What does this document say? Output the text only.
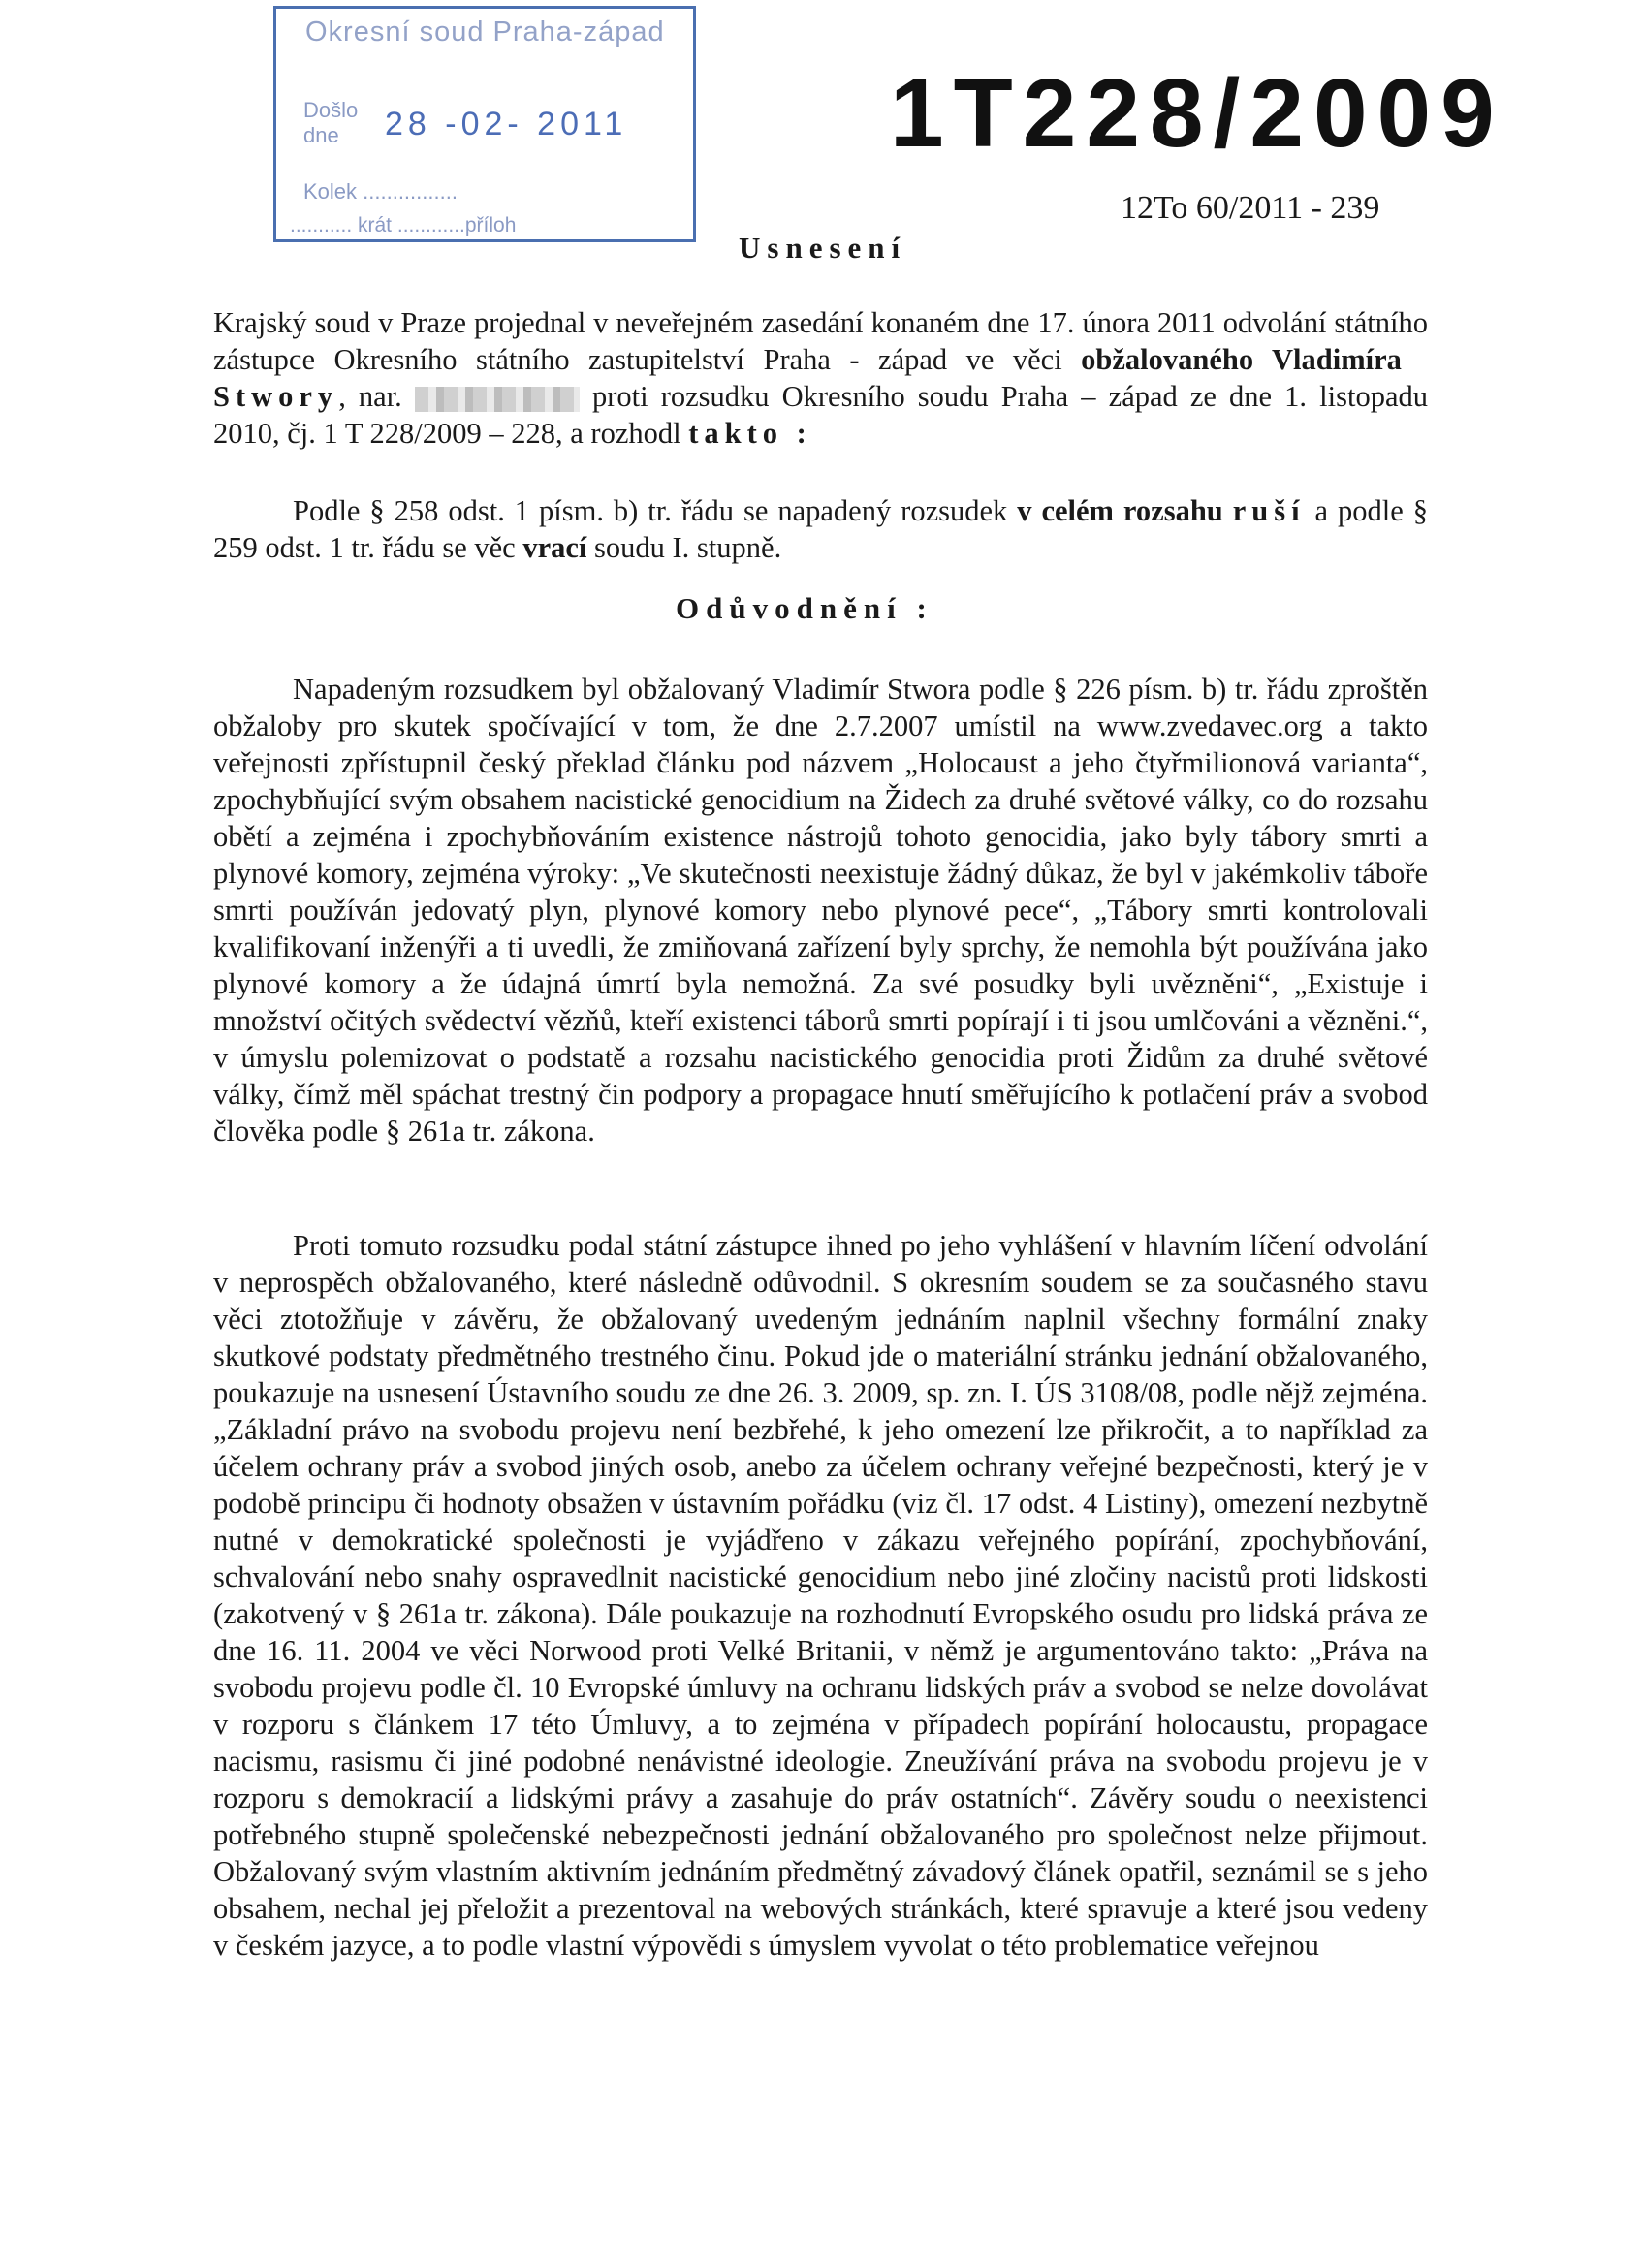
Okresní soud Praha-západ
Došlo
dne 28 -02- 2011
Kolek ................
........... krát ............příloh
1T228/2009
12To 60/2011 - 239
Usnesení

Krajský soud v Praze projednal v neveřejném zasedání konaném dne 17. února 2011 odvolání státního zástupce Okresního státního zastupitelství Praha - západ ve věci obžalovaného Vladimíra   Stwory, nar.	proti rozsudku Okresního soudu Praha – západ ze dne 1. listopadu 2010, čj. 1 T 228/2009 – 228, a rozhodl takto :

Podle § 258 odst. 1 písm. b) tr. řádu se napadený rozsudek v celém rozsahu ruší a podle § 259 odst. 1 tr. řádu se věc vrací soudu I. stupně.

Odůvodnění :

Napadeným rozsudkem byl obžalovaný Vladimír Stwora podle § 226 písm. b) tr. řádu zproštěn obžaloby pro skutek spočívající v tom, že dne 2.7.2007 umístil na www.zvedavec.org a takto veřejnosti zpřístupnil český překlad článku pod názvem „Holocaust a jeho čtyřmilionová varianta“, zpochybňující svým obsahem nacistické genocidium na Židech za druhé světové války, co do rozsahu obětí a zejména i zpochybňováním existence nástrojů tohoto genocidia, jako byly tábory smrti a plynové komory, zejména výroky: „Ve skutečnosti neexistuje žádný důkaz, že byl v jakémkoliv táboře smrti používán jedovatý plyn, plynové komory nebo plynové pece“, „Tábory smrti kontrolovali kvalifikovaní inženýři a ti uvedli, že zmiňovaná zařízení byly sprchy, že nemohla být používána jako plynové komory a že údajná úmrtí byla nemožná. Za své posudky byli uvězněni“, „Existuje i množství očitých svědectví vězňů, kteří existenci táborů smrti popírají i ti jsou umlčováni a vězněni.“, v úmyslu polemizovat o podstatě a rozsahu nacistického genocidia proti Židům za druhé světové války, čímž měl spáchat trestný čin podpory a propagace hnutí směřujícího k potlačení práv a svobod člověka podle § 261a tr. zákona.

Proti tomuto rozsudku podal státní zástupce ihned po jeho vyhlášení v hlavním líčení odvolání v neprospěch obžalovaného, které následně odůvodnil. S okresním soudem se za současného stavu věci ztotožňuje v závěru, že obžalovaný uvedeným jednáním naplnil všechny formální znaky skutkové podstaty předmětného trestného činu. Pokud jde o materiální stránku jednání obžalovaného, poukazuje na usnesení Ústavního soudu ze dne 26. 3. 2009, sp. zn. I. ÚS 3108/08, podle nějž zejména. „Základní právo na svobodu projevu není bezbřehé, k jeho omezení lze přikročit, a to například za účelem ochrany práv a svobod jiných osob, anebo za účelem ochrany veřejné bezpečnosti, který je v podobě principu či hodnoty obsažen v ústavním pořádku (viz čl. 17 odst. 4 Listiny), omezení nezbytně nutné v demokratické společnosti je vyjádřeno v zákazu veřejného popírání, zpochybňování, schvalování nebo snahy ospravedlnit nacistické genocidium nebo jiné zločiny nacistů proti lidskosti (zakotvený v § 261a tr. zákona). Dále poukazuje na rozhodnutí Evropského osudu pro lidská práva ze dne 16. 11. 2004 ve věci Norwood proti Velké Britanii, v němž je argumentováno takto: „Práva na svobodu projevu podle čl. 10 Evropské úmluvy na ochranu lidských práv a svobod se nelze dovolávat v rozporu s článkem 17 této Úmluvy, a to zejména v případech popírání holocaustu, propagace nacismu, rasismu či jiné podobné nenávistné ideologie. Zneužívání práva na svobodu projevu je v rozporu s demokracií a lidskými právy a zasahuje do práv ostatních“. Závěry soudu o neexistenci potřebného stupně společenské nebezpečnosti jednání obžalovaného pro společnost nelze přijmout. Obžalovaný svým vlastním aktivním jednáním předmětný závadový článek opatřil, seznámil se s jeho obsahem, nechal jej přeložit a prezentoval na webových stránkách, které spravuje a které jsou vedeny v českém jazyce, a to podle vlastní výpovědi s úmyslem vyvolat o této problematice veřejnou
